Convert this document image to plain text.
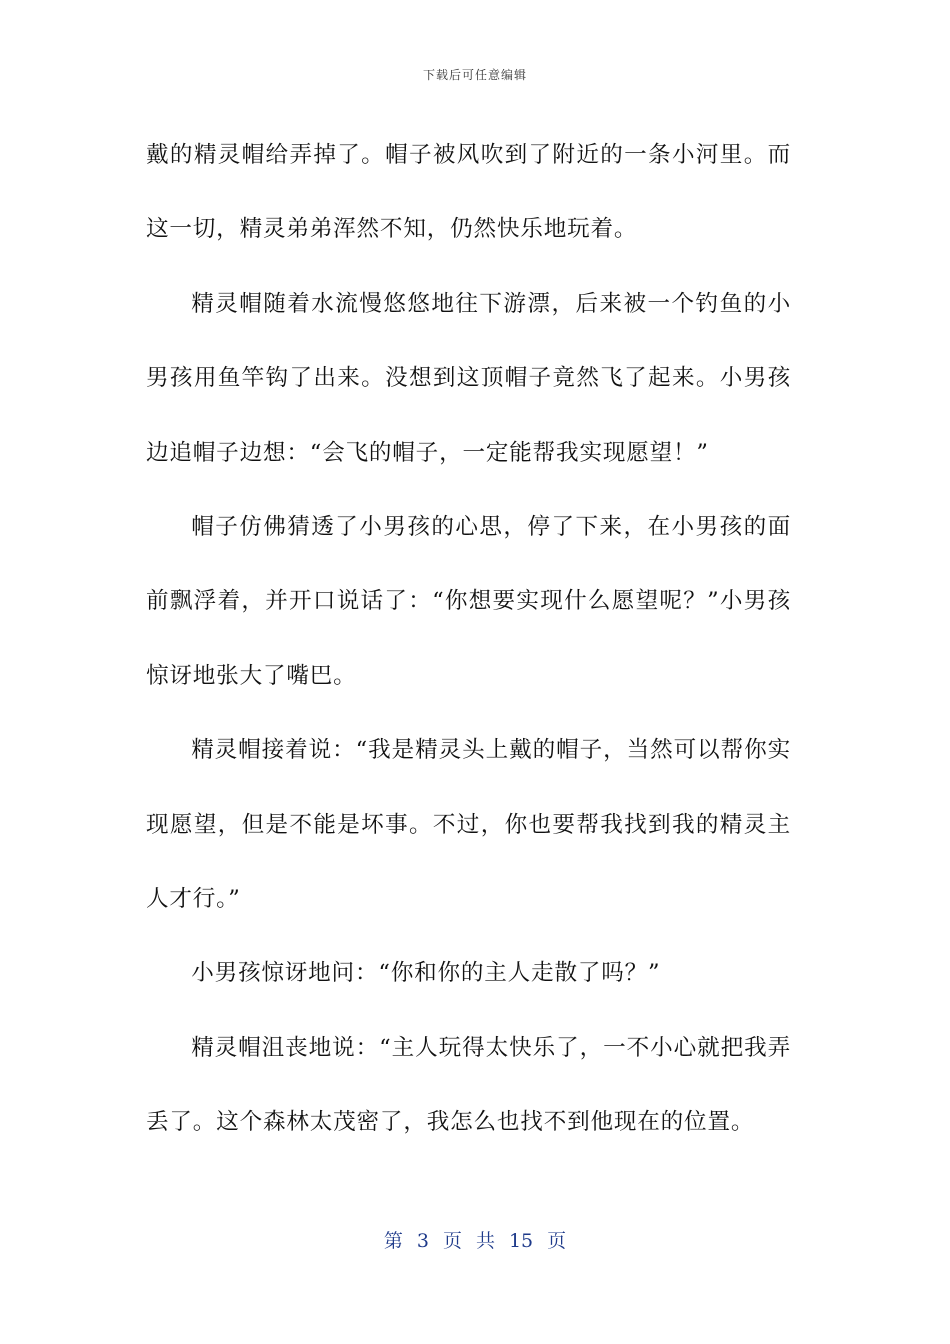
下载后可任意编辑

戴的精灵帽给弄掉了。帽子被风吹到了附近的一条小河里。而这一切，精灵弟弟浑然不知，仍然快乐地玩着。

精灵帽随着水流慢悠悠地往下游漂，后来被一个钓鱼的小男孩用鱼竿钩了出来。没想到这顶帽子竟然飞了起来。小男孩边追帽子边想：“会飞的帽子，一定能帮我实现愿望！”

帽子仿佛猜透了小男孩的心思，停了下来，在小男孩的面前飘浮着，并开口说话了：“你想要实现什么愿望呢？”小男孩惊讶地张大了嘴巴。

精灵帽接着说：“我是精灵头上戴的帽子，当然可以帮你实现愿望，但是不能是坏事。不过，你也要帮我找到我的精灵主人才行。”

小男孩惊讶地问：“你和你的主人走散了吗？”

精灵帽沮丧地说：“主人玩得太快乐了，一不小心就把我弄丢了。这个森林太茂密了，我怎么也找不到他现在的位置。

第 3 页 共 15 页
